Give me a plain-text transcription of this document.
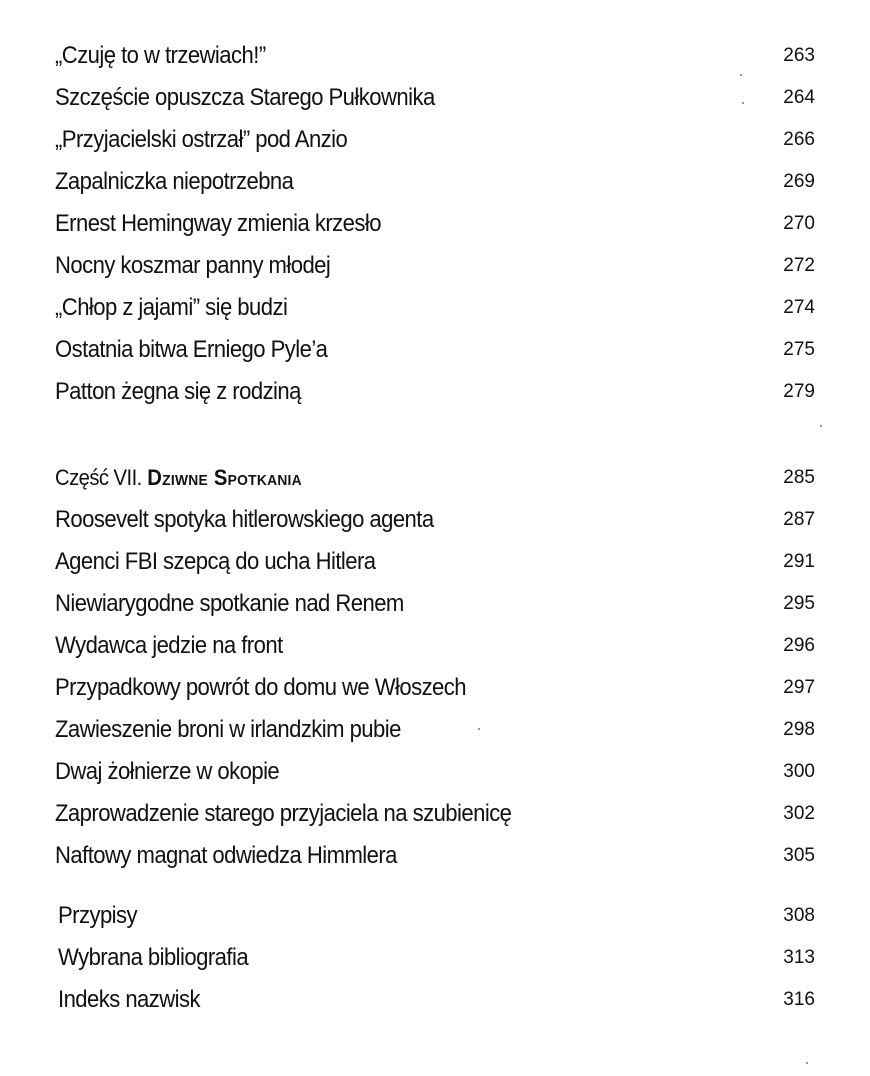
„Czuję to w trzewiach!”	263
Szczęście opuszcza Starego Pułkownika	264
„Przyjacielski ostrzał” pod Anzio	266
Zapalniczka niepotrzebna	269
Ernest Hemingway zmienia krzesło	270
Nocny koszmar panny młodej	272
„Chłop z jajami” się budzi	274
Ostatnia bitwa Erniego Pyle’a	275
Patton żegna się z rodziną	279
Część VII. Dziwne Spotkania	285
Roosevelt spotyka hitlerowskiego agenta	287
Agenci FBI szepcą do ucha Hitlera	291
Niewiarygodne spotkanie nad Renem	295
Wydawca jedzie na front	296
Przypadkowy powrót do domu we Włoszech	297
Zawieszenie broni w irlandzkim pubie	298
Dwaj żołnierze w okopie	300
Zaprowadzenie starego przyjaciela na szubienicę	302
Naftowy magnat odwiedza Himmlera	305
Przypisy	308
Wybrana bibliografia	313
Indeks nazwisk	316
